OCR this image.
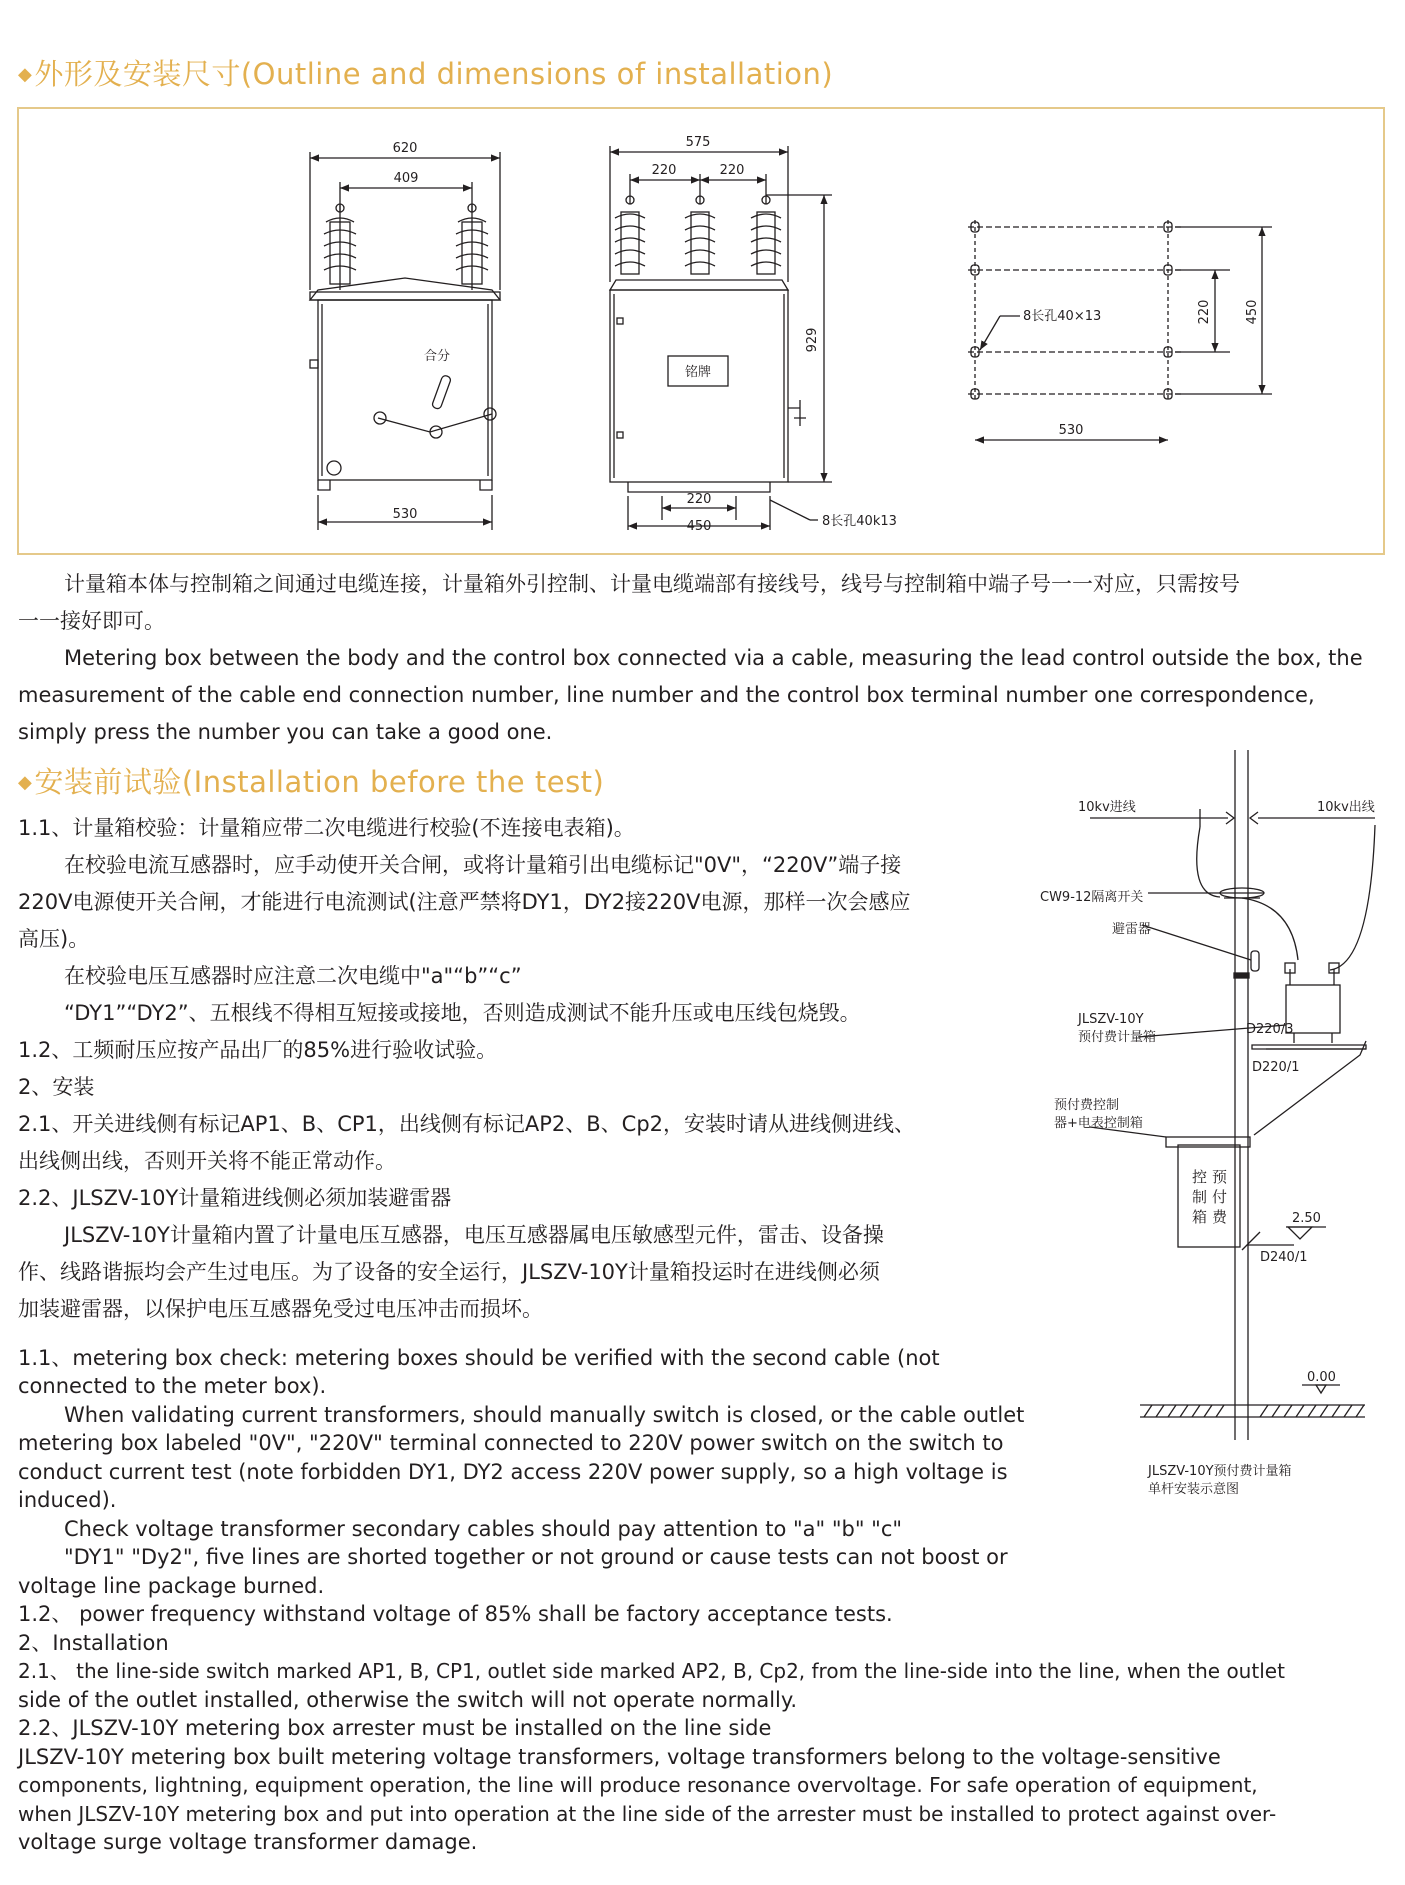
◆外形及安装尺寸(Outline and dimensions of installation)
620
409
合分
530
575
220	220
929
铭牌
220
450	8长孔40k13
8长孔40×13	220	450
530
计量箱本体与控制箱之间通过电缆连接，计量箱外引控制、计量电缆端部有接线号，线号与控制箱中端子号一一对应，只需按号
一一接好即可。
Metering box between the body and the control box connected via a cable, measuring the lead control outside the box, the
measurement of the cable end connection number, line number and the control box terminal number one correspondence,
simply press the number you can take a good one.
◆安装前试验(Installation before the test)
1.1、计量箱校验：计量箱应带二次电缆进行校验(不连接电表箱)。
在校验电流互感器时，应手动使开关合闸，或将计量箱引出电缆标记"0V"，“220V”端子接
220V电源使开关合闸，才能进行电流测试(注意严禁将DY1，DY2接220V电源，那样一次会感应
高压)。
在校验电压互感器时应注意二次电缆中"a"“b”“c”
“DY1”“DY2”、五根线不得相互短接或接地，否则造成测试不能升压或电压线包烧毁。
1.2、工频耐压应按产品出厂的85%进行验收试验。
2、安装
2.1、开关进线侧有标记AP1、B、CP1，出线侧有标记AP2、B、Cp2，安装时请从进线侧进线、
出线侧出线，否则开关将不能正常动作。
2.2、JLSZV-10Y计量箱进线侧必须加装避雷器
JLSZV-10Y计量箱内置了计量电压互感器，电压互感器属电压敏感型元件，雷击、设备操
作、线路谐振均会产生过电压。为了设备的安全运行，JLSZV-10Y计量箱投运时在进线侧必须
加装避雷器，以保护电压互感器免受过电压冲击而损坏。
10kv进线	10kv出线
CW9-12隔离开关
避雷器
JLSZV-10Y
预付费计量箱
D220/3
D220/1
预付费控制
器+电表控制箱
控
制
箱
预
付
费	2.50
D240/1
0.00
JLSZV-10Y预付费计量箱
单杆安装示意图
1.1、metering box check: metering boxes should be verified with the second cable (not
connected to the meter box).
When validating current transformers, should manually switch is closed, or the cable outlet
metering box labeled "0V", "220V" terminal connected to 220V power switch on the switch to
conduct current test (note forbidden DY1, DY2 access 220V power supply, so a high voltage is
induced).
Check voltage transformer secondary cables should pay attention to "a" "b" "c"
"DY1" "Dy2", five lines are shorted together or not ground or cause tests can not boost or
voltage line package burned.
1.2、 power frequency withstand voltage of 85% shall be factory acceptance tests.
2、Installation
2.1、 the line-side switch marked AP1, B, CP1, outlet side marked AP2, B, Cp2, from the line-side into the line, when the outlet
side of the outlet installed, otherwise the switch will not operate normally.
2.2、JLSZV-10Y metering box arrester must be installed on the line side
JLSZV-10Y metering box built metering voltage transformers, voltage transformers belong to the voltage-sensitive
components, lightning, equipment operation, the line will produce resonance overvoltage. For safe operation of equipment,
when JLSZV-10Y metering box and put into operation at the line side of the arrester must be installed to protect against over-
voltage surge voltage transformer damage.
